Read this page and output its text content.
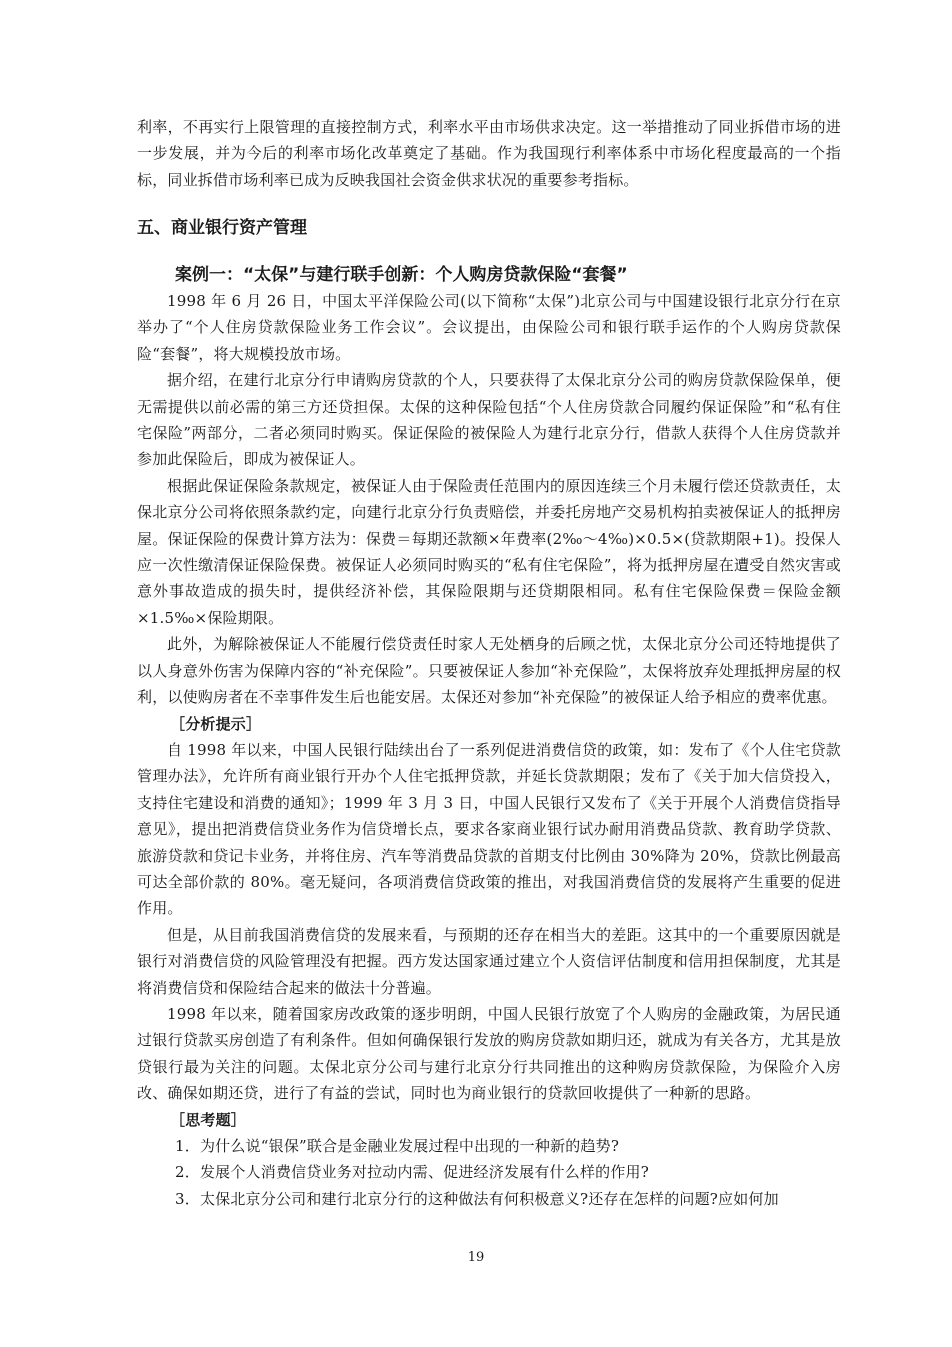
利率，不再实行上限管理的直接控制方式，利率水平由市场供求决定。这一举措推动了同业拆借市场的进一步发展，并为今后的利率市场化改革奠定了基础。作为我国现行利率体系中市场化程度最高的一个指标，同业拆借市场利率已成为反映我国社会资金供求状况的重要参考指标。
五、商业银行资产管理
案例一：“太保”与建行联手创新：个人购房贷款保险“套餐”

1998 年 6 月 26 日，中国太平洋保险公司(以下简称“太保”)北京公司与中国建设银行北京分行在京举办了“个人住房贷款保险业务工作会议”。会议提出，由保险公司和银行联手运作的个人购房贷款保险“套餐”，将大规模投放市场。

据介绍，在建行北京分行申请购房贷款的个人，只要获得了太保北京分公司的购房贷款保险保单，便无需提供以前必需的第三方还贷担保。太保的这种保险包括“个人住房贷款合同履约保证保险”和“私有住宅保险”两部分，二者必须同时购买。保证保险的被保险人为建行北京分行，借款人获得个人住房贷款并参加此保险后，即成为被保证人。

根据此保证保险条款规定，被保证人由于保险责任范围内的原因连续三个月未履行偿还贷款责任，太保北京分公司将依照条款约定，向建行北京分行负责赔偿，并委托房地产交易机构拍卖被保证人的抵押房屋。保证保险的保费计算方法为：保费＝每期还款额×年费率(2‰～4‰)×0.5×(贷款期限+1)。投保人应一次性缴清保证保险保费。被保证人必须同时购买的“私有住宅保险”，将为抵押房屋在遭受自然灾害或意外事故造成的损失时，提供经济补偿，其保险限期与还贷期限相同。私有住宅保险保费＝保险金额×1.5‰×保险期限。

此外，为解除被保证人不能履行偿贷责任时家人无处栖身的后顾之忧，太保北京分公司还特地提供了以人身意外伤害为保障内容的“补充保险”。只要被保证人参加“补充保险”，太保将放弃处理抵押房屋的权利，以使购房者在不幸事件发生后也能安居。太保还对参加“补充保险”的被保证人给予相应的费率优惠。

［分析提示］

自 1998 年以来，中国人民银行陆续出台了一系列促进消费信贷的政策，如：发布了《个人住宅贷款管理办法》，允许所有商业银行开办个人住宅抵押贷款，并延长贷款期限；发布了《关于加大信贷投入，支持住宅建设和消费的通知》；1999 年 3 月 3 日，中国人民银行又发布了《关于开展个人消费信贷指导意见》，提出把消费信贷业务作为信贷增长点，要求各家商业银行试办耐用消费品贷款、教育助学贷款、旅游贷款和贷记卡业务，并将住房、汽车等消费品贷款的首期支付比例由 30%降为 20%，贷款比例最高可达全部价款的 80%。毫无疑问，各项消费信贷政策的推出，对我国消费信贷的发展将产生重要的促进作用。

但是，从目前我国消费信贷的发展来看，与预期的还存在相当大的差距。这其中的一个重要原因就是银行对消费信贷的风险管理没有把握。西方发达国家通过建立个人资信评估制度和信用担保制度，尤其是将消费信贷和保险结合起来的做法十分普遍。

1998 年以来，随着国家房改政策的逐步明朗，中国人民银行放宽了个人购房的金融政策，为居民通过银行贷款买房创造了有利条件。但如何确保银行发放的购房贷款如期归还，就成为有关各方，尤其是放贷银行最为关注的问题。太保北京分公司与建行北京分行共同推出的这种购房贷款保险，为保险介入房改、确保如期还贷，进行了有益的尝试，同时也为商业银行的贷款回收提供了一种新的思路。

［思考题］

1．为什么说“银保”联合是金融业发展过程中出现的一种新的趋势?

2．发展个人消费信贷业务对拉动内需、促进经济发展有什么样的作用?

3．太保北京分公司和建行北京分行的这种做法有何积极意义?还存在怎样的问题?应如何加

19
